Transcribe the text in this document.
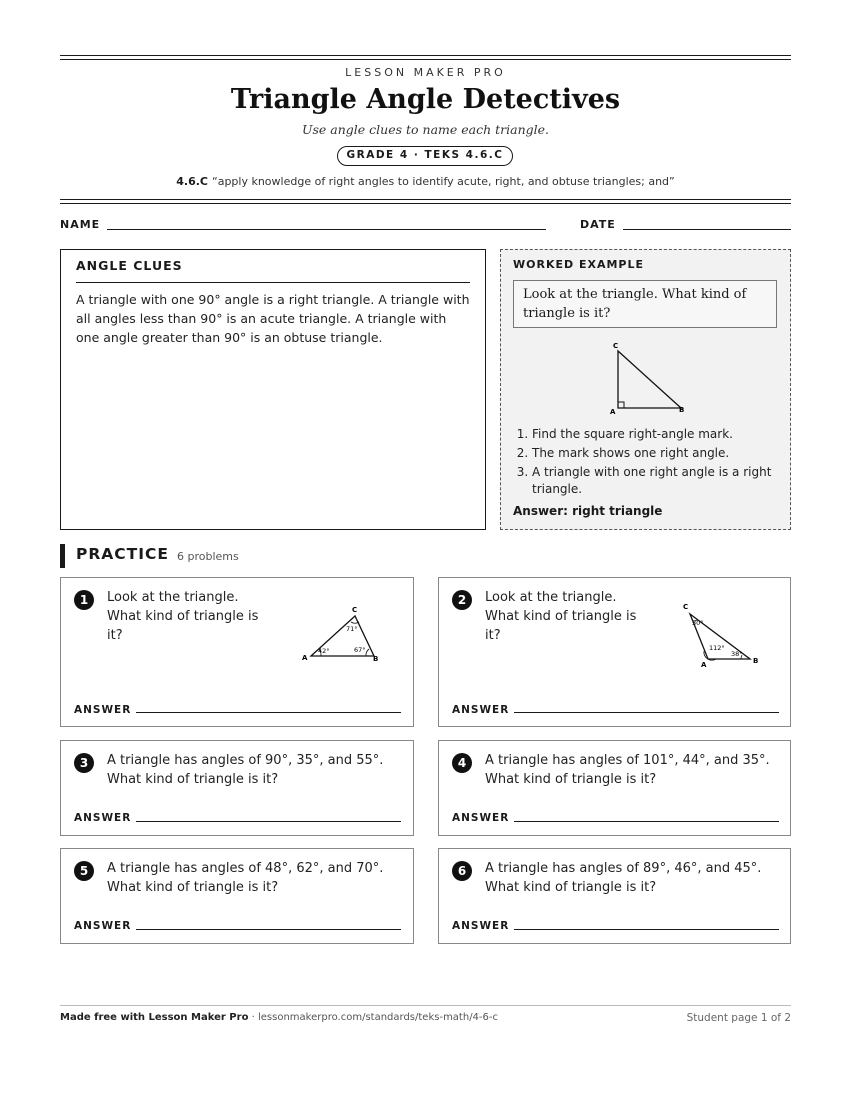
LESSON MAKER PRO
Triangle Angle Detectives
Use angle clues to name each triangle.
GRADE 4 · TEKS 4.6.C
4.6.C “apply knowledge of right angles to identify acute, right, and obtuse triangles; and”
NAME	DATE
ANGLE CLUES

A triangle with one 90° angle is a right triangle. A triangle with all angles less than 90° is an acute triangle. A triangle with one angle greater than 90° is an obtuse triangle.

WORKED EXAMPLE
Look at the triangle. What kind of triangle is it?
C
A	B
1. Find the square right-angle mark.
2. The mark shows one right angle.
3. A triangle with one right angle is a right triangle.
Answer: right triangle
PRACTICE 6 problems
1	Look at the triangle.
What kind of triangle is
it?
C
A	B
71°
42°	67°
ANSWER
2	Look at the triangle.
What kind of triangle is
it?
C
A	B
30°
112°
38°
ANSWER
3	A triangle has angles of 90°, 35°, and 55°.
What kind of triangle is it?
ANSWER
4	A triangle has angles of 101°, 44°, and 35°.
What kind of triangle is it?
ANSWER
5	A triangle has angles of 48°, 62°, and 70°.
What kind of triangle is it?
ANSWER
6	A triangle has angles of 89°, 46°, and 45°.
What kind of triangle is it?
ANSWER
Made free with Lesson Maker Pro · lessonmakerpro.com/standards/teks-math/4-6-c	Student page 1 of 2
